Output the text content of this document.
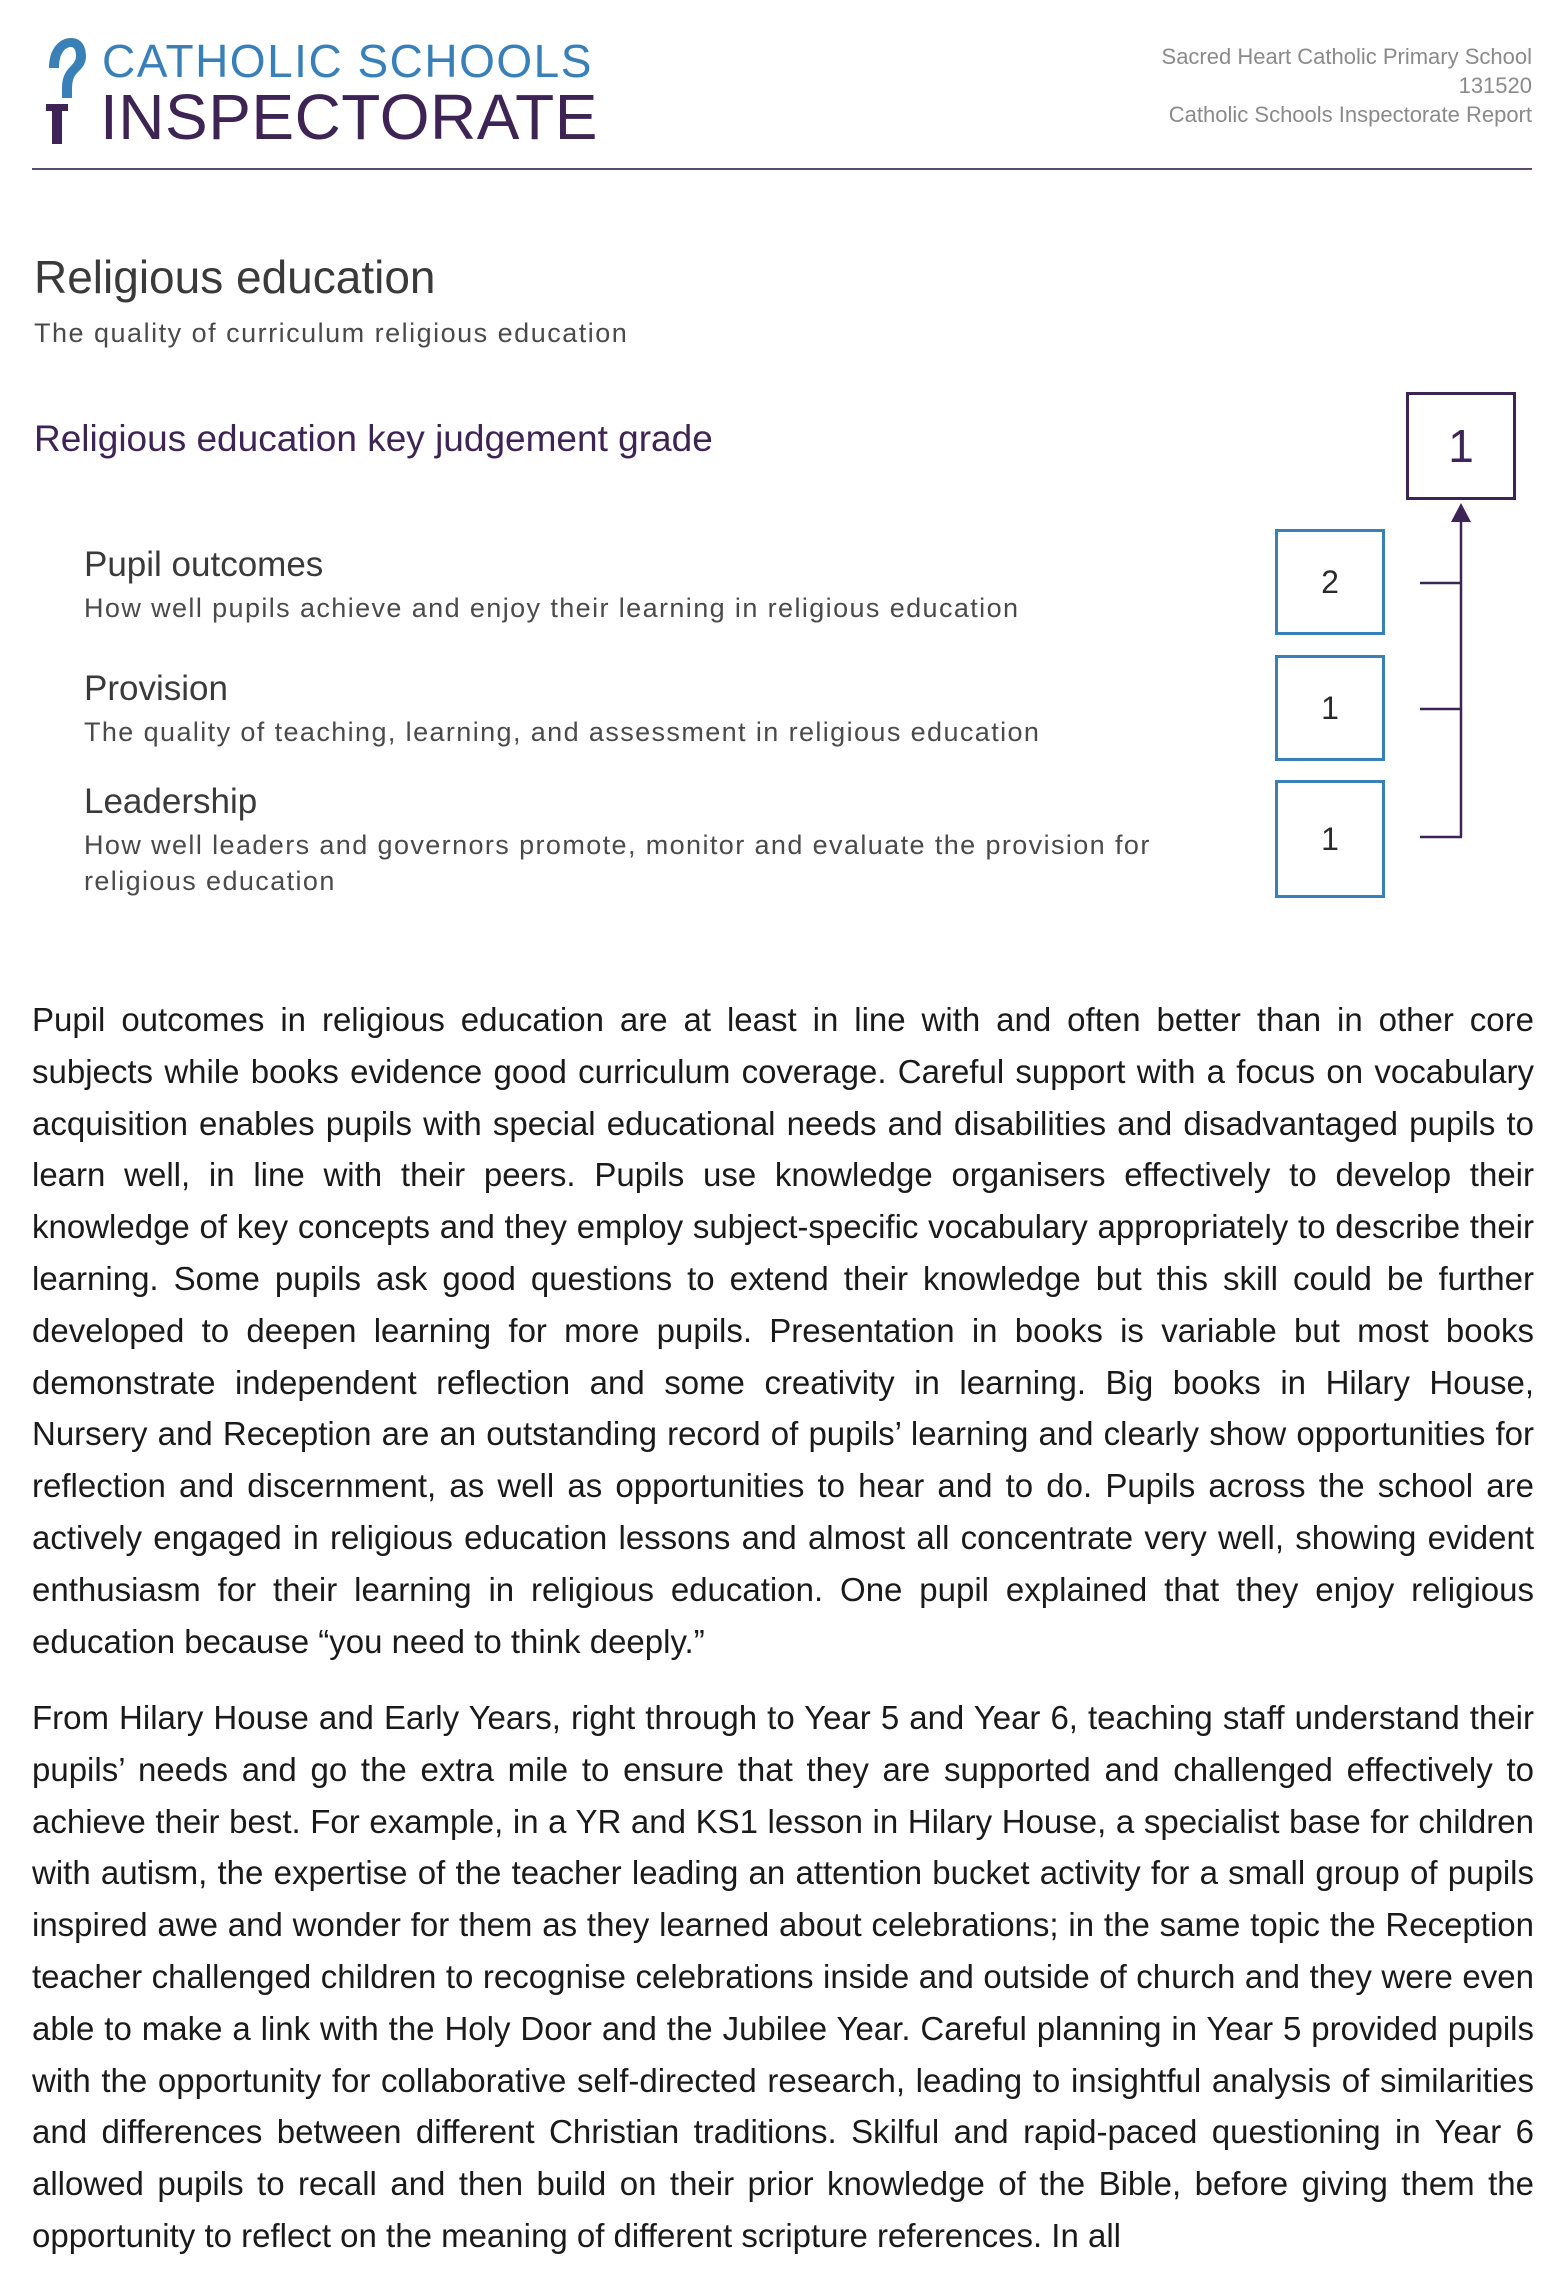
CATHOLIC SCHOOLS
INSPECTORATE
Sacred Heart Catholic Primary School
131520
Catholic Schools Inspectorate Report
Religious education
The quality of curriculum religious education
Religious education key judgement grade	1
Pupil outcomes
How well pupils achieve and enjoy their learning in religious education
2
Provision
The quality of teaching, learning, and assessment in religious education
1
Leadership
How well leaders and governors promote, monitor and evaluate the provision for religious education
1

Pupil outcomes in religious education are at least in line with and often better than in other core subjects while books evidence good curriculum coverage. Careful support with a focus on vocabulary acquisition enables pupils with special educational needs and disabilities and disadvantaged pupils to learn well, in line with their peers. Pupils use knowledge organisers effectively to develop their knowledge of key concepts and they employ subject-specific vocabulary appropriately to describe their learning. Some pupils ask good questions to extend their knowledge but this skill could be further developed to deepen learning for more pupils. Presentation in books is variable but most books demonstrate independent reflection and some creativity in learning. Big books in Hilary House, Nursery and Reception are an outstanding record of pupils’ learning and clearly show opportunities for reflection and discernment, as well as opportunities to hear and to do. Pupils across the school are actively engaged in religious education lessons and almost all concentrate very well, showing evident enthusiasm for their learning in religious education. One pupil explained that they enjoy religious education because “you need to think deeply.”

From Hilary House and Early Years, right through to Year 5 and Year 6, teaching staff understand their pupils’ needs and go the extra mile to ensure that they are supported and challenged effectively to achieve their best. For example, in a YR and KS1 lesson in Hilary House, a specialist base for children with autism, the expertise of the teacher leading an attention bucket activity for a small group of pupils inspired awe and wonder for them as they learned about celebrations; in the same topic the Reception teacher challenged children to recognise celebrations inside and outside of church and they were even able to make a link with the Holy Door and the Jubilee Year. Careful planning in Year 5 provided pupils with the opportunity for collaborative self-directed research, leading to insightful analysis of similarities and differences between different Christian traditions. Skilful and rapid-paced questioning in Year 6 allowed pupils to recall and then build on their prior knowledge of the Bible, before giving them the opportunity to reflect on the meaning of different scripture references. In all
